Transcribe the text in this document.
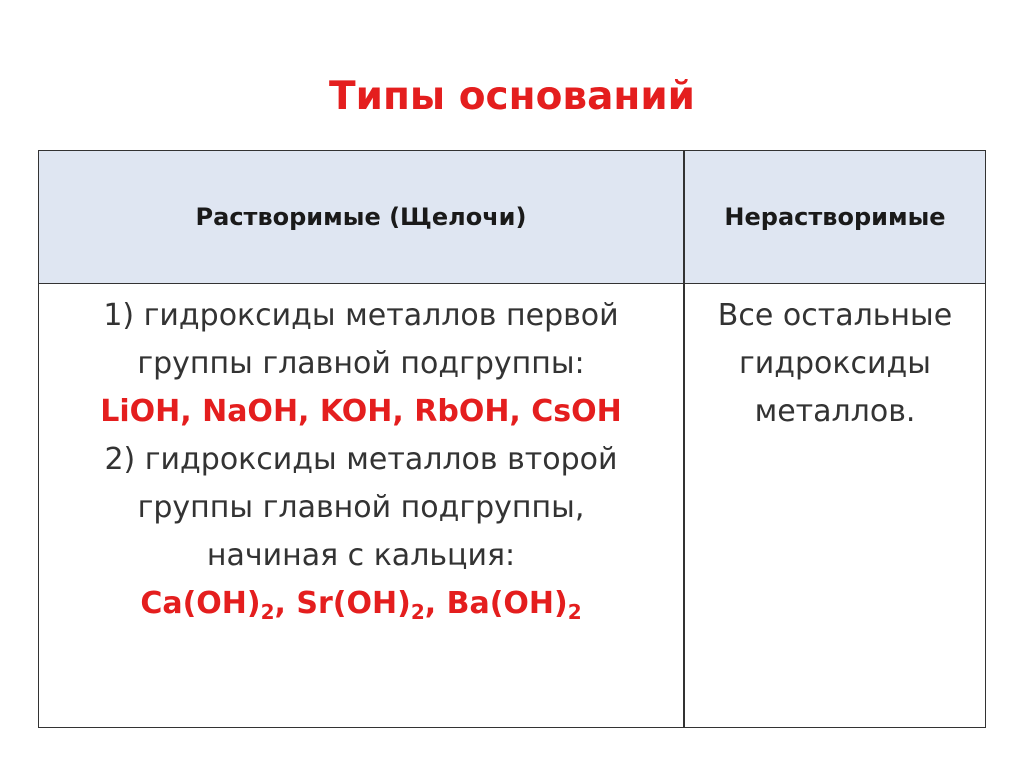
Типы оснований
Растворимые (Щелочи)	Нерастворимые
1) гидроксиды металлов первой
группы главной подгруппы:
LiOH, NaOH, KOH, RbOH, CsOH
2) гидроксиды металлов второй
группы главной подгруппы,
начиная с кальция:
$Ca(OH)_2$, $Sr(OH)_2$, $Ba(OH)_2$
Все остальные
гидроксиды
металлов.
